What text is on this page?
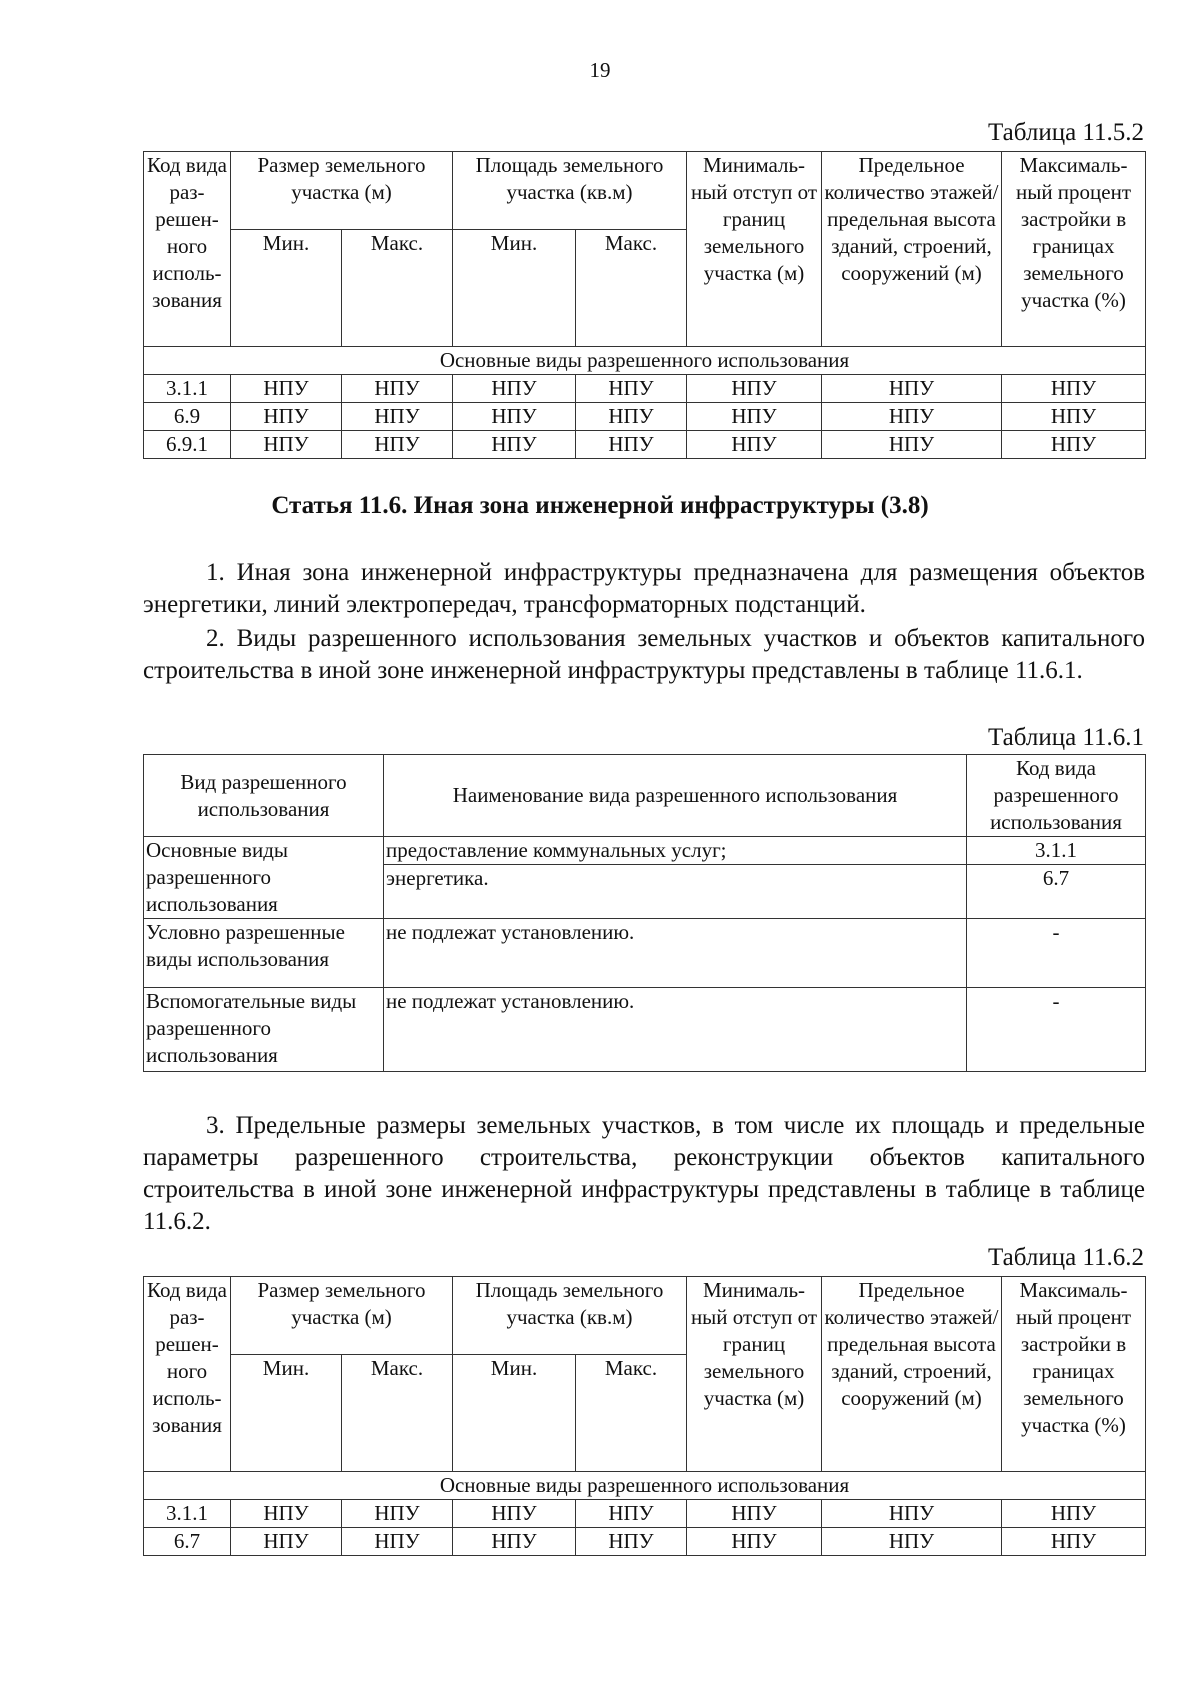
19
Таблица 11.5.2
Код вида раз- решен- ного исполь- зования	Размер земельного участка (м)		Площадь земельного участка (кв.м)		Минималь- ный отступ от границ земельного участка (м)	Предельное количество этажей/ предельная высота зданий, строений, сооружений (м)	Максималь- ный процент застройки в границах земельного участка (%)
	Мин.	Макс.	Мин.	Макс.			
Основные виды разрешенного использования							
3.1.1	НПУ	НПУ	НПУ	НПУ	НПУ	НПУ	НПУ
6.9	НПУ	НПУ	НПУ	НПУ	НПУ	НПУ	НПУ
6.9.1	НПУ	НПУ	НПУ	НПУ	НПУ	НПУ	НПУ
Статья 11.6. Иная зона инженерной инфраструктуры (3.8)

1. Иная зона инженерной инфраструктуры предназначена для размещения объектов энергетики, линий электропередач, трансформаторных подстанций.

2. Виды разрешенного использования земельных участков и объектов капитального строительства в иной зоне инженерной инфраструктуры представлены в таблице 11.6.1.

Таблица 11.6.1
Вид разрешенного использования	Наименование вида разрешенного использования	Код вида разрешенного использования
Основные виды разрешенного использования	предоставление коммунальных услуг;	3.1.1
	энергетика.	6.7
Условно разрешенные виды использования	не подлежат установлению.	-
Вспомогательные виды разрешенного использования	не подлежат установлению.	-

3. Предельные размеры земельных участков, в том числе их площадь и предельные параметры разрешенного строительства, реконструкции объектов капитального строительства в иной зоне инженерной инфраструктуры представлены в таблице в таблице 11.6.2.

Таблица 11.6.2
Код вида раз- решен- ного исполь- зования	Размер земельного участка (м)		Площадь земельного участка (кв.м)		Минималь- ный отступ от границ земельного участка (м)	Предельное количество этажей/ предельная высота зданий, строений, сооружений (м)	Максималь- ный процент застройки в границах земельного участка (%)
	Мин.	Макс.	Мин.	Макс.			
Основные виды разрешенного использования							
3.1.1	НПУ	НПУ	НПУ	НПУ	НПУ	НПУ	НПУ
6.7	НПУ	НПУ	НПУ	НПУ	НПУ	НПУ	НПУ
